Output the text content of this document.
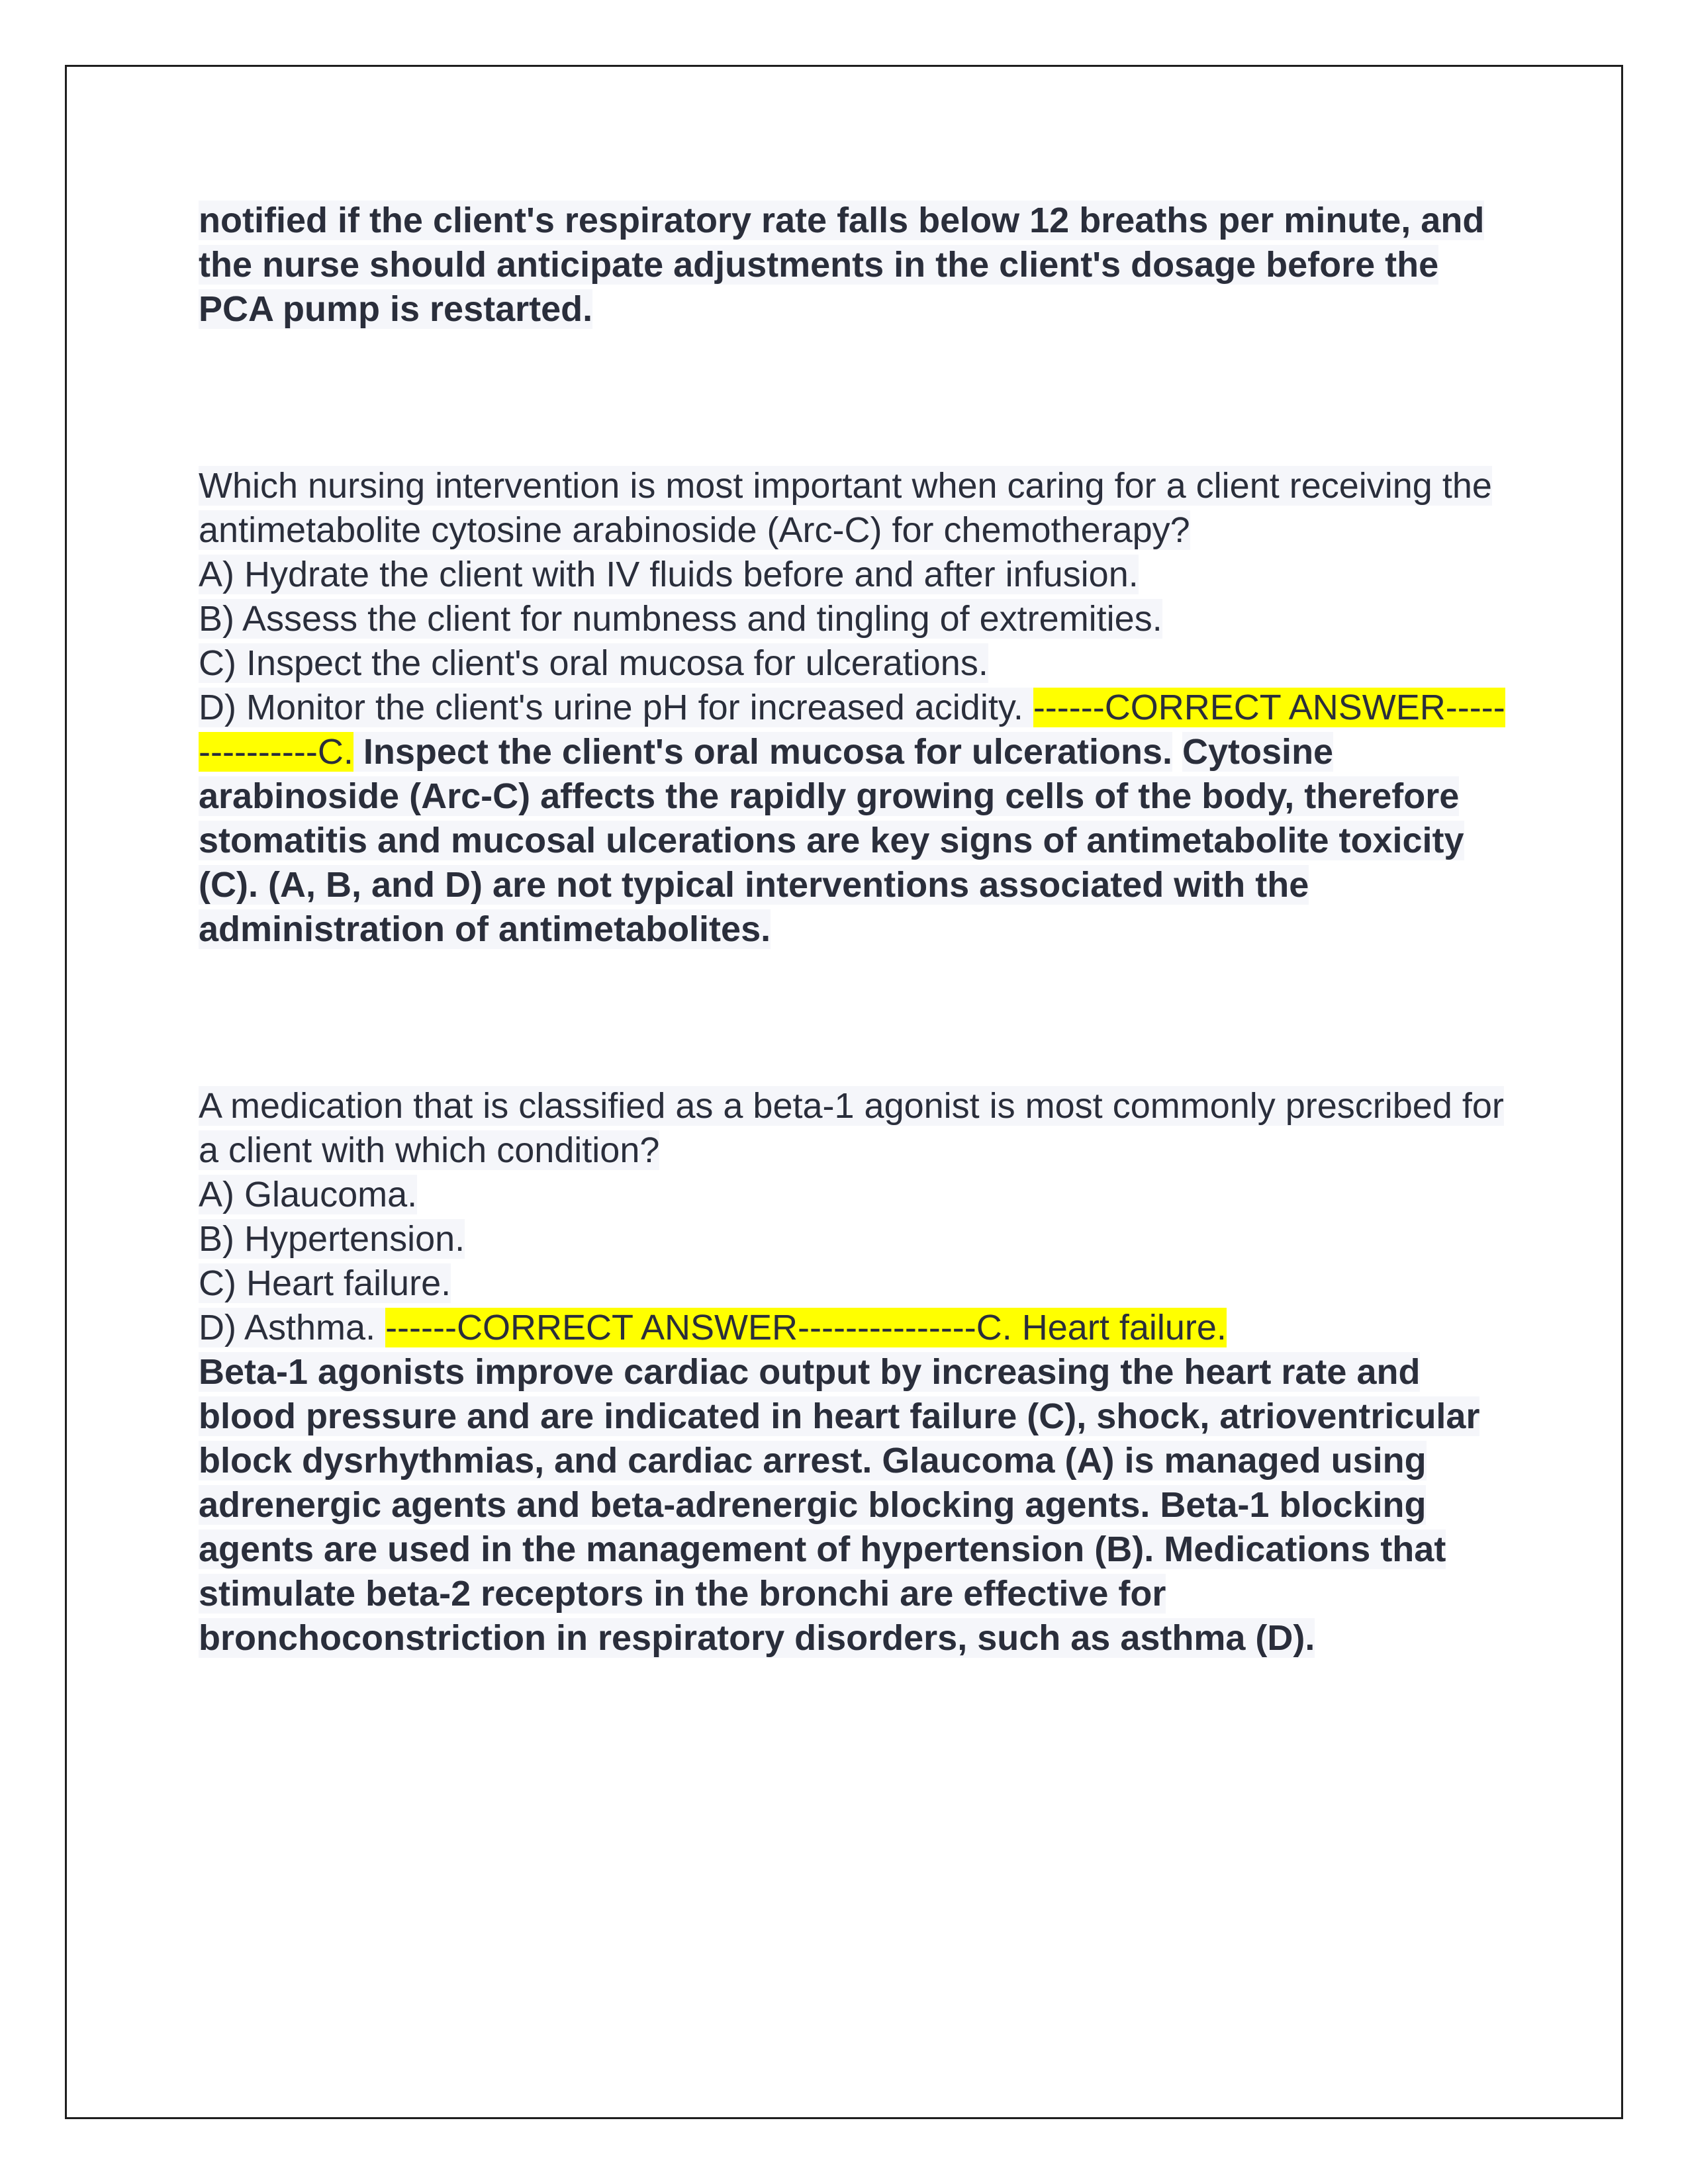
notified if the client's respiratory rate falls below 12 breaths per minute, and the nurse should anticipate adjustments in the client's dosage before the PCA pump is restarted.

Which nursing intervention is most important when caring for a client receiving the antimetabolite cytosine arabinoside (Arc-C) for chemotherapy?

A) Hydrate the client with IV fluids before and after infusion.

B) Assess the client for numbness and tingling of extremities.

C) Inspect the client's oral mucosa for ulcerations.

D) Monitor the client's urine pH for increased acidity. ------CORRECT ANSWER---------------C. Inspect the client's oral mucosa for ulcerations. Cytosine arabinoside (Arc-C) affects the rapidly growing cells of the body, therefore stomatitis and mucosal ulcerations are key signs of antimetabolite toxicity (C). (A, B, and D) are not typical interventions associated with the administration of antimetabolites.

A medication that is classified as a beta-1 agonist is most commonly prescribed for a client with which condition?

A) Glaucoma.

B) Hypertension.

C) Heart failure.

D) Asthma. ------CORRECT ANSWER---------------C. Heart failure.

Beta-1 agonists improve cardiac output by increasing the heart rate and blood pressure and are indicated in heart failure (C), shock, atrioventricular block dysrhythmias, and cardiac arrest. Glaucoma (A) is managed using adrenergic agents and beta-adrenergic blocking agents. Beta-1 blocking agents are used in the management of hypertension (B). Medications that stimulate beta-2 receptors in the bronchi are effective for bronchoconstriction in respiratory disorders, such as asthma (D).
